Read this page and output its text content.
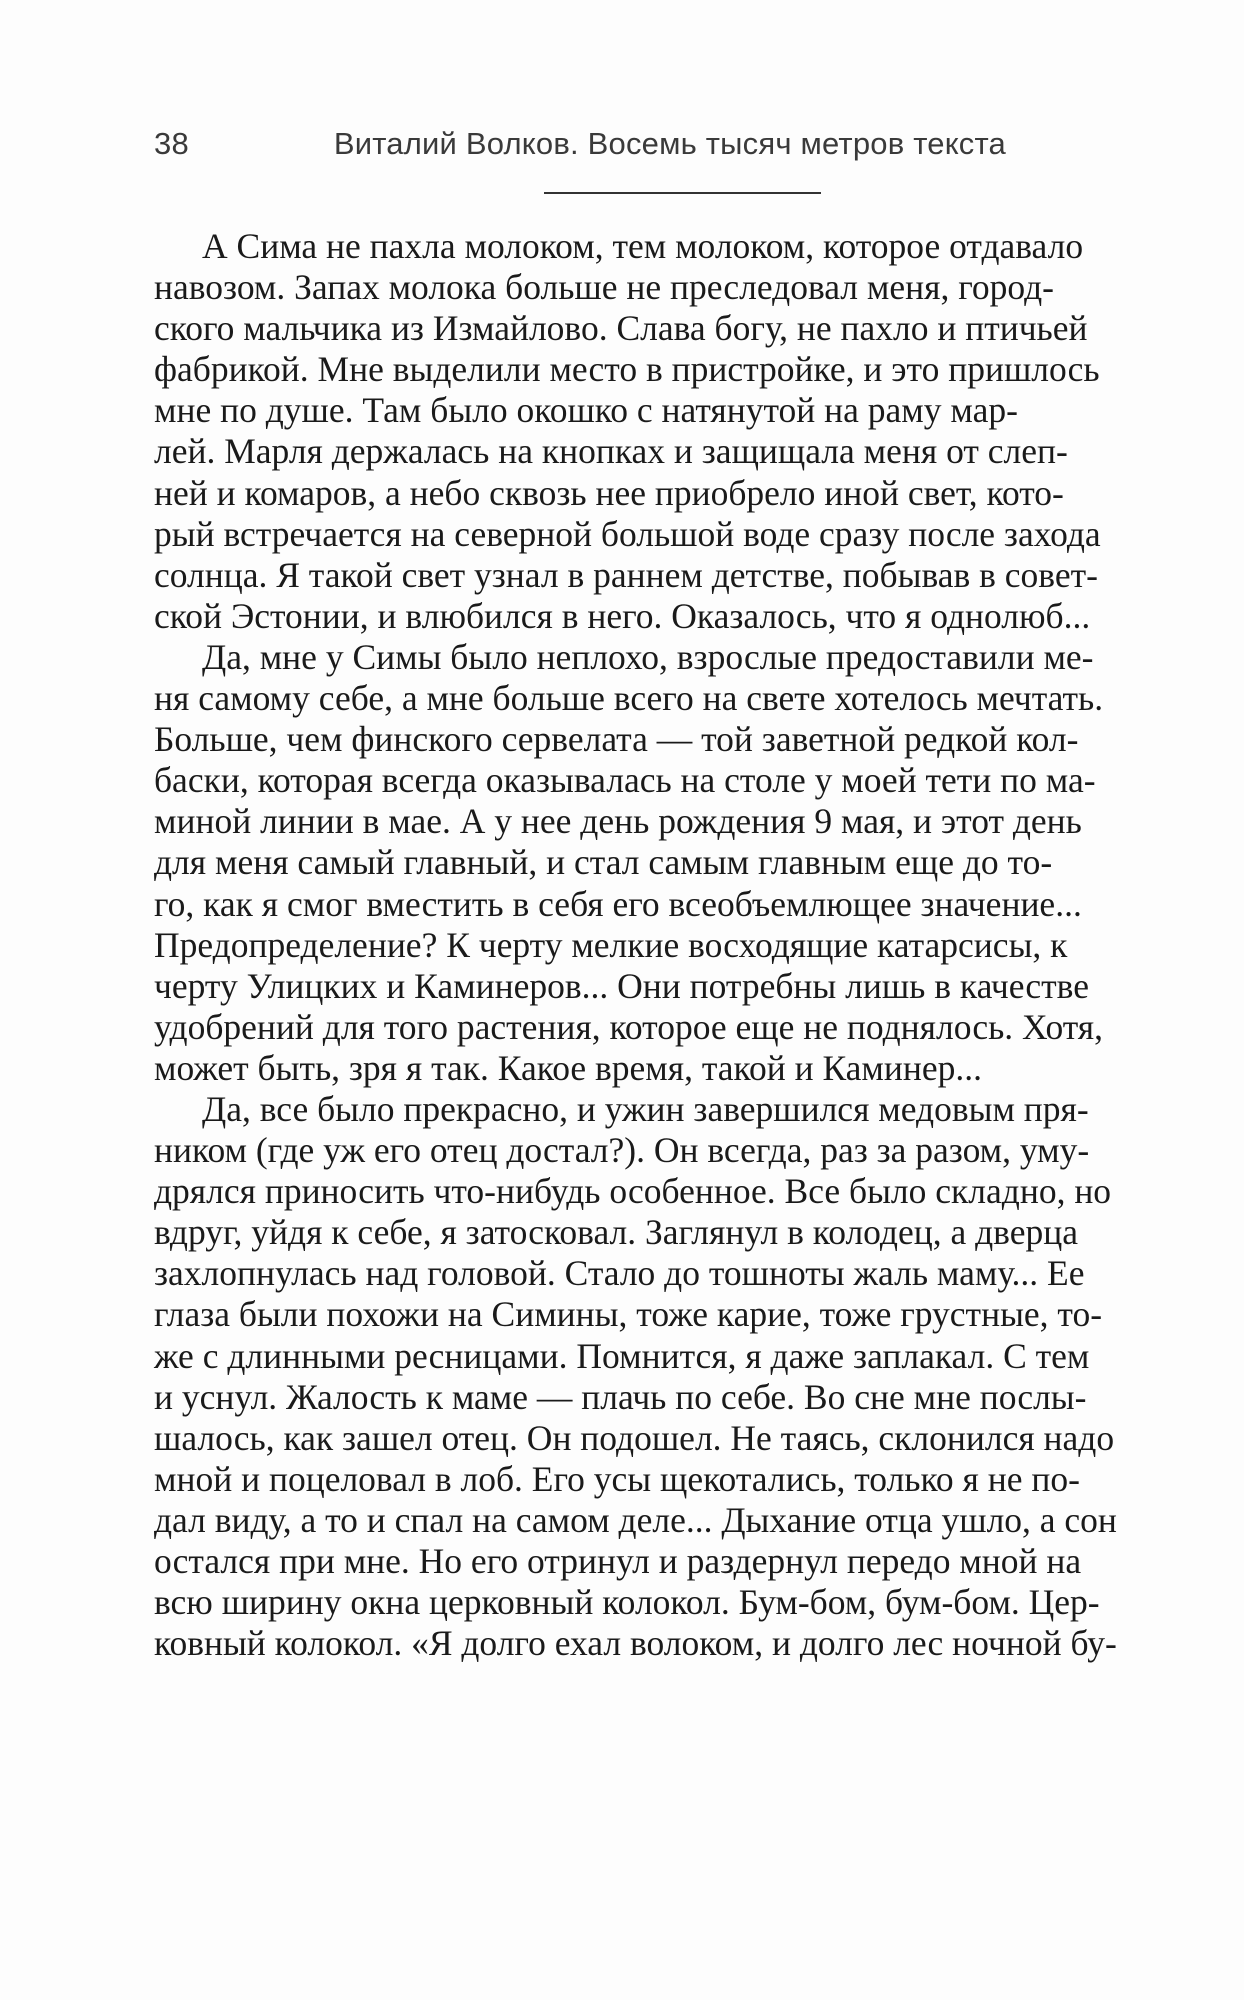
38	Виталий Волков. Восемь тысяч метров текста
А Сима не пахла молоком, тем молоком, которое отдавало
навозом. Запах молока больше не преследовал меня, город-
ского мальчика из Измайлово. Слава богу, не пахло и птичьей
фабрикой. Мне выделили место в пристройке, и это пришлось
мне по душе. Там было окошко с натянутой на раму мар-
лей. Марля держалась на кнопках и защищала меня от слеп-
ней и комаров, а небо сквозь нее приобрело иной свет, кото-
рый встречается на северной большой воде сразу после захода
солнца. Я такой свет узнал в раннем детстве, побывав в совет-
ской Эстонии, и влюбился в него. Оказалось, что я однолюб...
Да, мне у Симы было неплохо, взрослые предоставили ме-
ня самому себе, а мне больше всего на свете хотелось мечтать.
Больше, чем финского сервелата — той заветной редкой кол-
баски, которая всегда оказывалась на столе у моей тети по ма-
миной линии в мае. А у нее день рождения 9 мая, и этот день
для меня самый главный, и стал самым главным еще до то-
го, как я смог вместить в себя его всеобъемлющее значение...
Предопределение? К черту мелкие восходящие катарсисы, к
черту Улицких и Каминеров... Они потребны лишь в качестве
удобрений для того растения, которое еще не поднялось. Хотя,
может быть, зря я так. Какое время, такой и Каминер...
Да, все было прекрасно, и ужин завершился медовым пря-
ником (где уж его отец достал?). Он всегда, раз за разом, уму-
дрялся приносить что-нибудь особенное. Все было складно, но
вдруг, уйдя к себе, я затосковал. Заглянул в колодец, а дверца
захлопнулась над головой. Стало до тошноты жаль маму... Ее
глаза были похожи на Симины, тоже карие, тоже грустные, то-
же с длинными ресницами. Помнится, я даже заплакал. С тем
и уснул. Жалость к маме — плачь по себе. Во сне мне послы-
шалось, как зашел отец. Он подошел. Не таясь, склонился надо
мной и поцеловал в лоб. Его усы щекотались, только я не по-
дал виду, а то и спал на самом деле... Дыхание отца ушло, а сон
остался при мне. Но его отринул и раздернул передо мной на
всю ширину окна церковный колокол. Бум-бом, бум-бом. Цер-
ковный колокол. «Я долго ехал волоком, и долго лес ночной бу-
